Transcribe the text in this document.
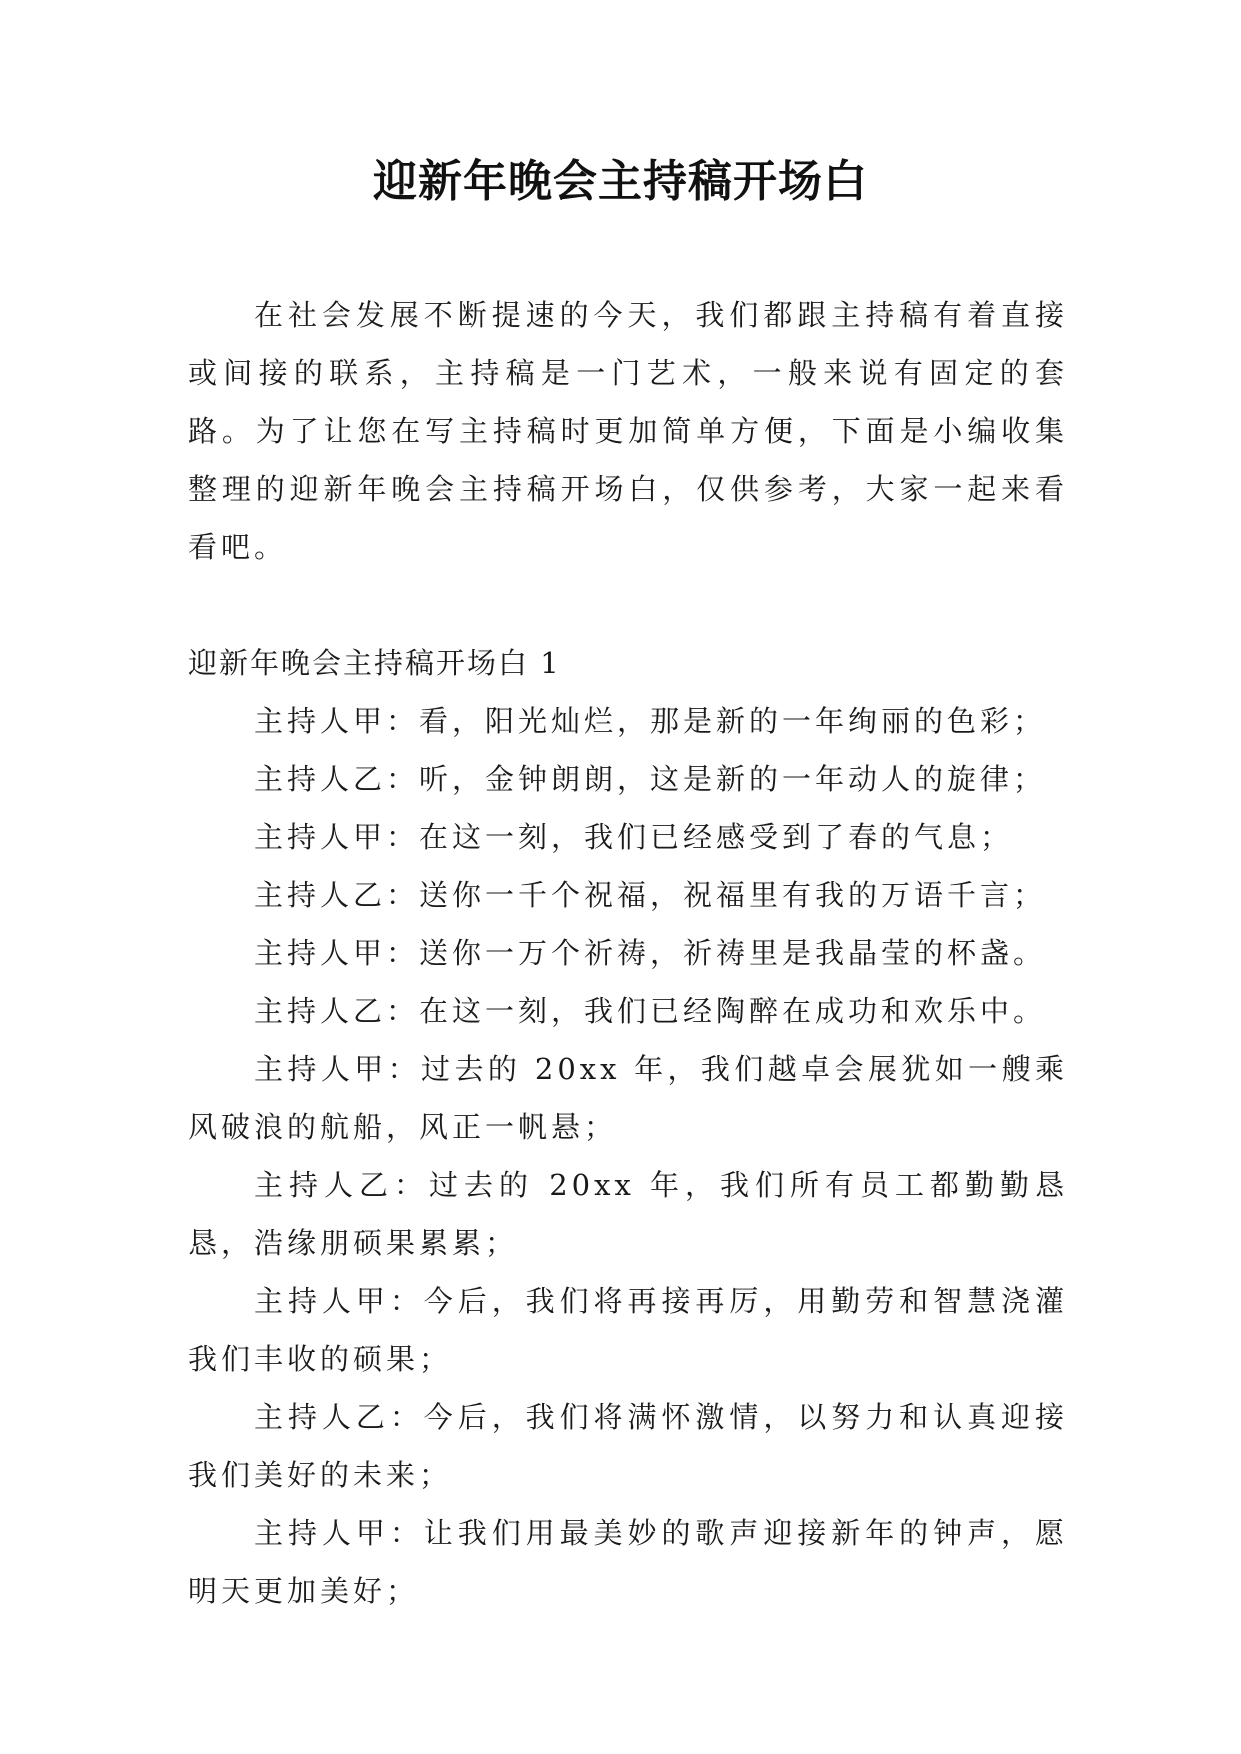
迎新年晚会主持稿开场白

在社会发展不断提速的今天，我们都跟主持稿有着直接或间接的联系，主持稿是一门艺术，一般来说有固定的套路。为了让您在写主持稿时更加简单方便，下面是小编收集整理的迎新年晚会主持稿开场白，仅供参考，大家一起来看看吧。

迎新年晚会主持稿开场白 1

主持人甲：看，阳光灿烂，那是新的一年绚丽的色彩；

主持人乙：听，金钟朗朗，这是新的一年动人的旋律；

主持人甲：在这一刻，我们已经感受到了春的气息；

主持人乙：送你一千个祝福，祝福里有我的万语千言；

主持人甲：送你一万个祈祷，祈祷里是我晶莹的杯盏。

主持人乙：在这一刻，我们已经陶醉在成功和欢乐中。

主持人甲：过去的 20xx 年，我们越卓会展犹如一艘乘风破浪的航船，风正一帆悬；

主持人乙：过去的 20xx 年，我们所有员工都勤勤恳恳，浩缘朋硕果累累；

主持人甲：今后，我们将再接再厉，用勤劳和智慧浇灌我们丰收的硕果；

主持人乙：今后，我们将满怀激情，以努力和认真迎接我们美好的未来；

主持人甲：让我们用最美妙的歌声迎接新年的钟声，愿明天更加美好；
